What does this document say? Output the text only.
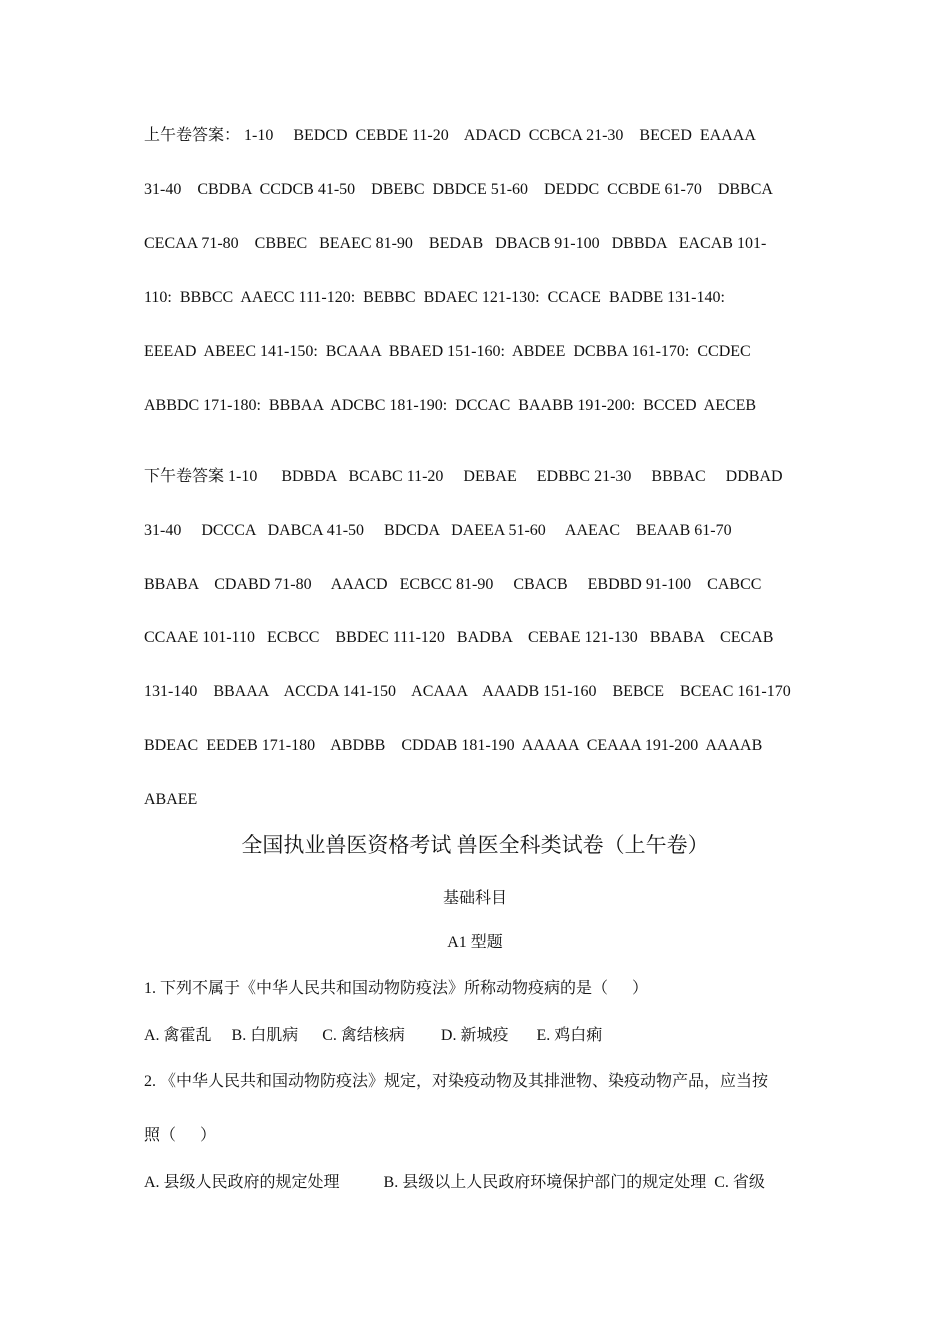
上午卷答案： 1-10     BEDCD  CEBDE 11-20    ADACD  CCBCA 21-30    BECED  EAAAA
31-40    CBDBA  CCDCB 41-50    DBEBC  DBDCE 51-60    DEDDC  CCBDE 61-70    DBBCA
CECAA 71-80    CBBEC   BEAEC 81-90    BEDAB   DBACB 91-100   DBBDA   EACAB 101-
110:  BBBCC  AAECC 111-120:  BEBBC  BDAEC 121-130:  CCACE  BADBE 131-140:
EEEAD  ABEEC 141-150:  BCAAA  BBAED 151-160:  ABDEE  DCBBA 161-170:  CCDEC
ABBDC 171-180:  BBBAA  ADCBC 181-190:  DCCAC  BAABB 191-200:  BCCED  AECEB
下午卷答案 1-10      BDBDA   BCABC 11-20     DEBAE     EDBBC 21-30     BBBAC     DDBAD
31-40     DCCCA   DABCA 41-50     BDCDA   DAEEA 51-60     AAEAC    BEAAB 61-70
BBABA    CDABD 71-80     AAACD   ECBCC 81-90     CBACB     EBDBD 91-100    CABCC
CCAAE 101-110   ECBCC    BBDEC 111-120   BADBA    CEBAE 121-130   BBABA    CECAB
131-140    BBAAA    ACCDA 141-150    ACAAA    AAADB 151-160    BEBCE    BCEAC 161-170
BDEAC  EEDEB 171-180    ABDBB    CDDAB 181-190  AAAAA  CEAAA 191-200  AAAAB
ABAEE
全国执业兽医资格考试 兽医全科类试卷（上午卷）
基础科目
A1 型题
1. 下列不属于《中华人民共和国动物防疫法》所称动物疫病的是（      ）
A. 禽霍乱     B. 白肌病      C. 禽结核病         D. 新城疫       E. 鸡白痢
2. 《中华人民共和国动物防疫法》规定，对染疫动物及其排泄物、染疫动物产品，应当按
照（      ）
A. 县级人民政府的规定处理           B. 县级以上人民政府环境保护部门的规定处理  C. 省级
